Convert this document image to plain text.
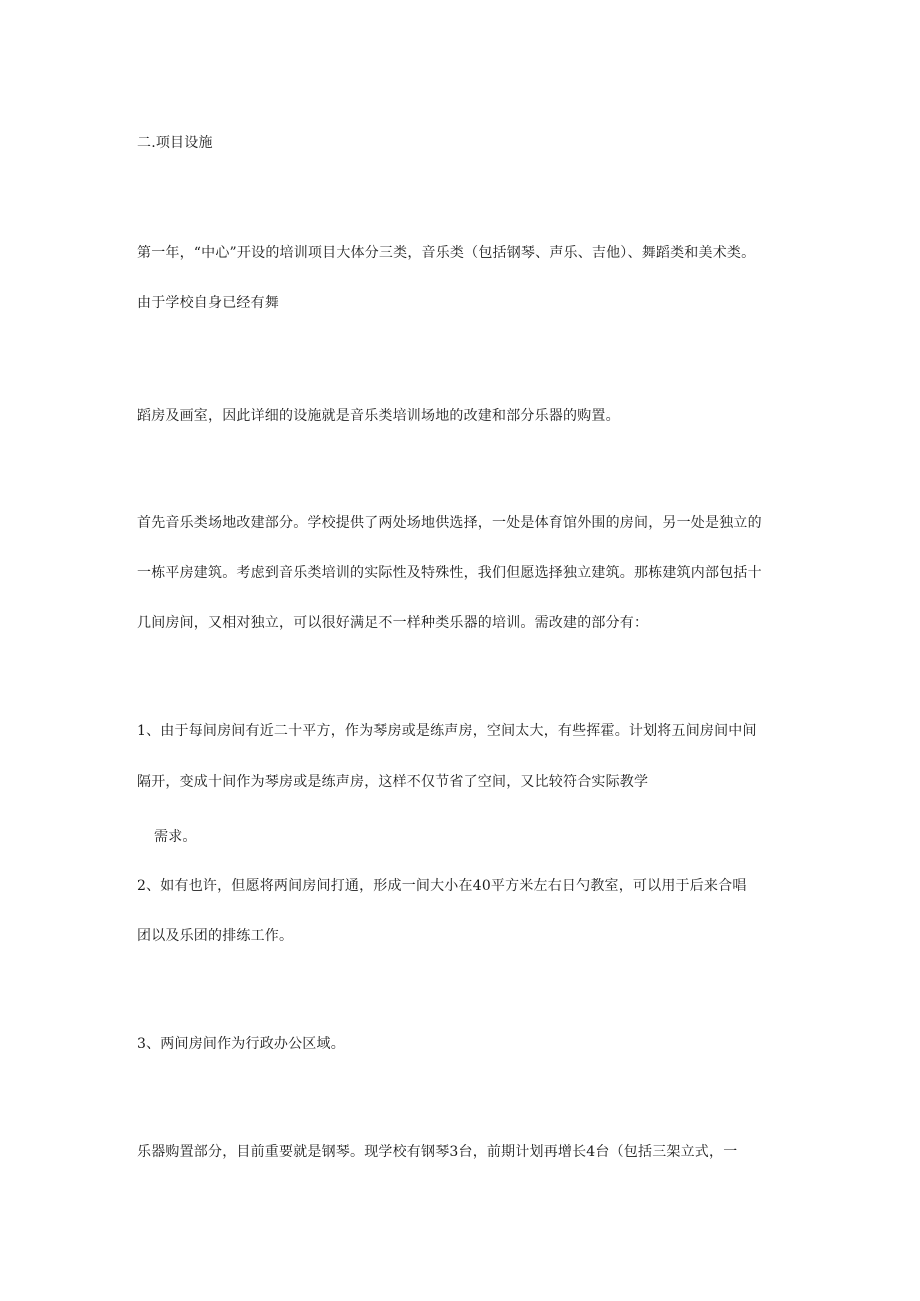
二.项目设施
第一年，“中心”开设的培训项目大体分三类，音乐类（包括钢琴、声乐、吉他）、舞蹈类和美术类。
由于学校自身已经有舞
蹈房及画室，因此详细的设施就是音乐类培训场地的改建和部分乐器的购置。
首先音乐类场地改建部分。学校提供了两处场地供选择，一处是体育馆外围的房间，另一处是独立的
一栋平房建筑。考虑到音乐类培训的实际性及特殊性，我们但愿选择独立建筑。那栋建筑内部包括十
几间房间，又相对独立，可以很好满足不一样种类乐器的培训。需改建的部分有：
1、由于每间房间有近二十平方，作为琴房或是练声房，空间太大，有些挥霍。计划将五间房间中间
隔开，变成十间作为琴房或是练声房，这样不仅节省了空间，又比较符合实际教学
需求。
2、如有也许，但愿将两间房间打通，形成一间大小在40平方米左右日勺教室，可以用于后来合唱
团以及乐团的排练工作。
3、两间房间作为行政办公区域。
乐器购置部分，目前重要就是钢琴。现学校有钢琴3台，前期计划再增长4台（包括三架立式，一
